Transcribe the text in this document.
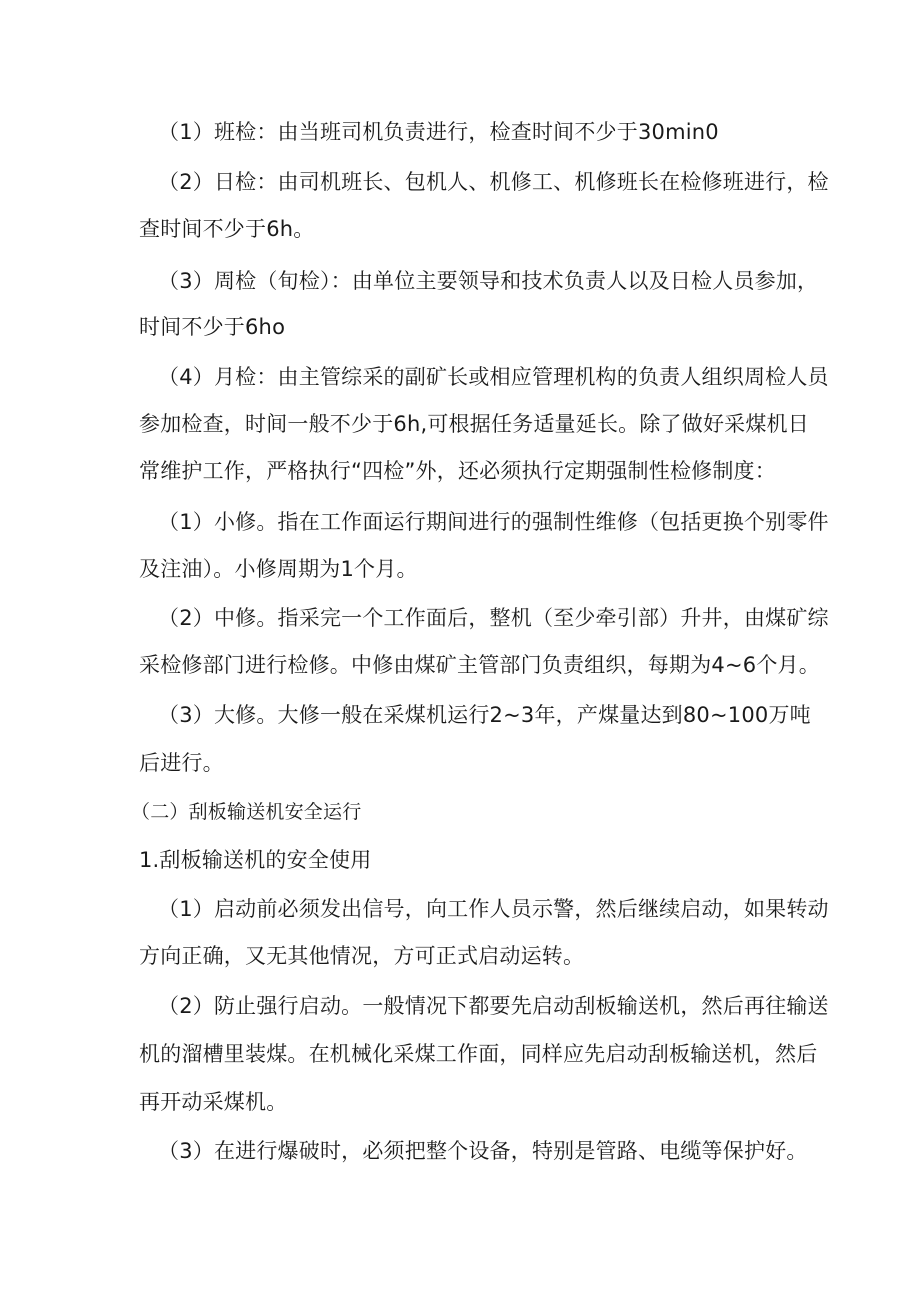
（1）班检：由当班司机负责进行，检查时间不少于30min0
（2）日检：由司机班长、包机人、机修工、机修班长在检修班进行，检
查时间不少于6h。
（3）周检（旬检）：由单位主要领导和技术负责人以及日检人员参加，
时间不少于6ho
（4）月检：由主管综采的副矿长或相应管理机构的负责人组织周检人员
参加检查，时间一般不少于6h,可根据任务适量延长。除了做好采煤机日
常维护工作，严格执行“四检”外，还必须执行定期强制性检修制度：
（1）小修。指在工作面运行期间进行的强制性维修（包括更换个别零件
及注油）。小修周期为1个月。
（2）中修。指采完一个工作面后，整机（至少牵引部）升井，由煤矿综
采检修部门进行检修。中修由煤矿主管部门负责组织，每期为4~6个月。
（3）大修。大修一般在采煤机运行2~3年，产煤量达到80~100万吨
后进行。
（二）刮板输送机安全运行
1.刮板输送机的安全使用
（1）启动前必须发出信号，向工作人员示警，然后继续启动，如果转动
方向正确，又无其他情况，方可正式启动运转。
（2）防止强行启动。一般情况下都要先启动刮板输送机，然后再往输送
机的溜槽里装煤。在机械化采煤工作面，同样应先启动刮板输送机，然后
再开动采煤机。
（3）在进行爆破时，必须把整个设备，特别是管路、电缆等保护好。
